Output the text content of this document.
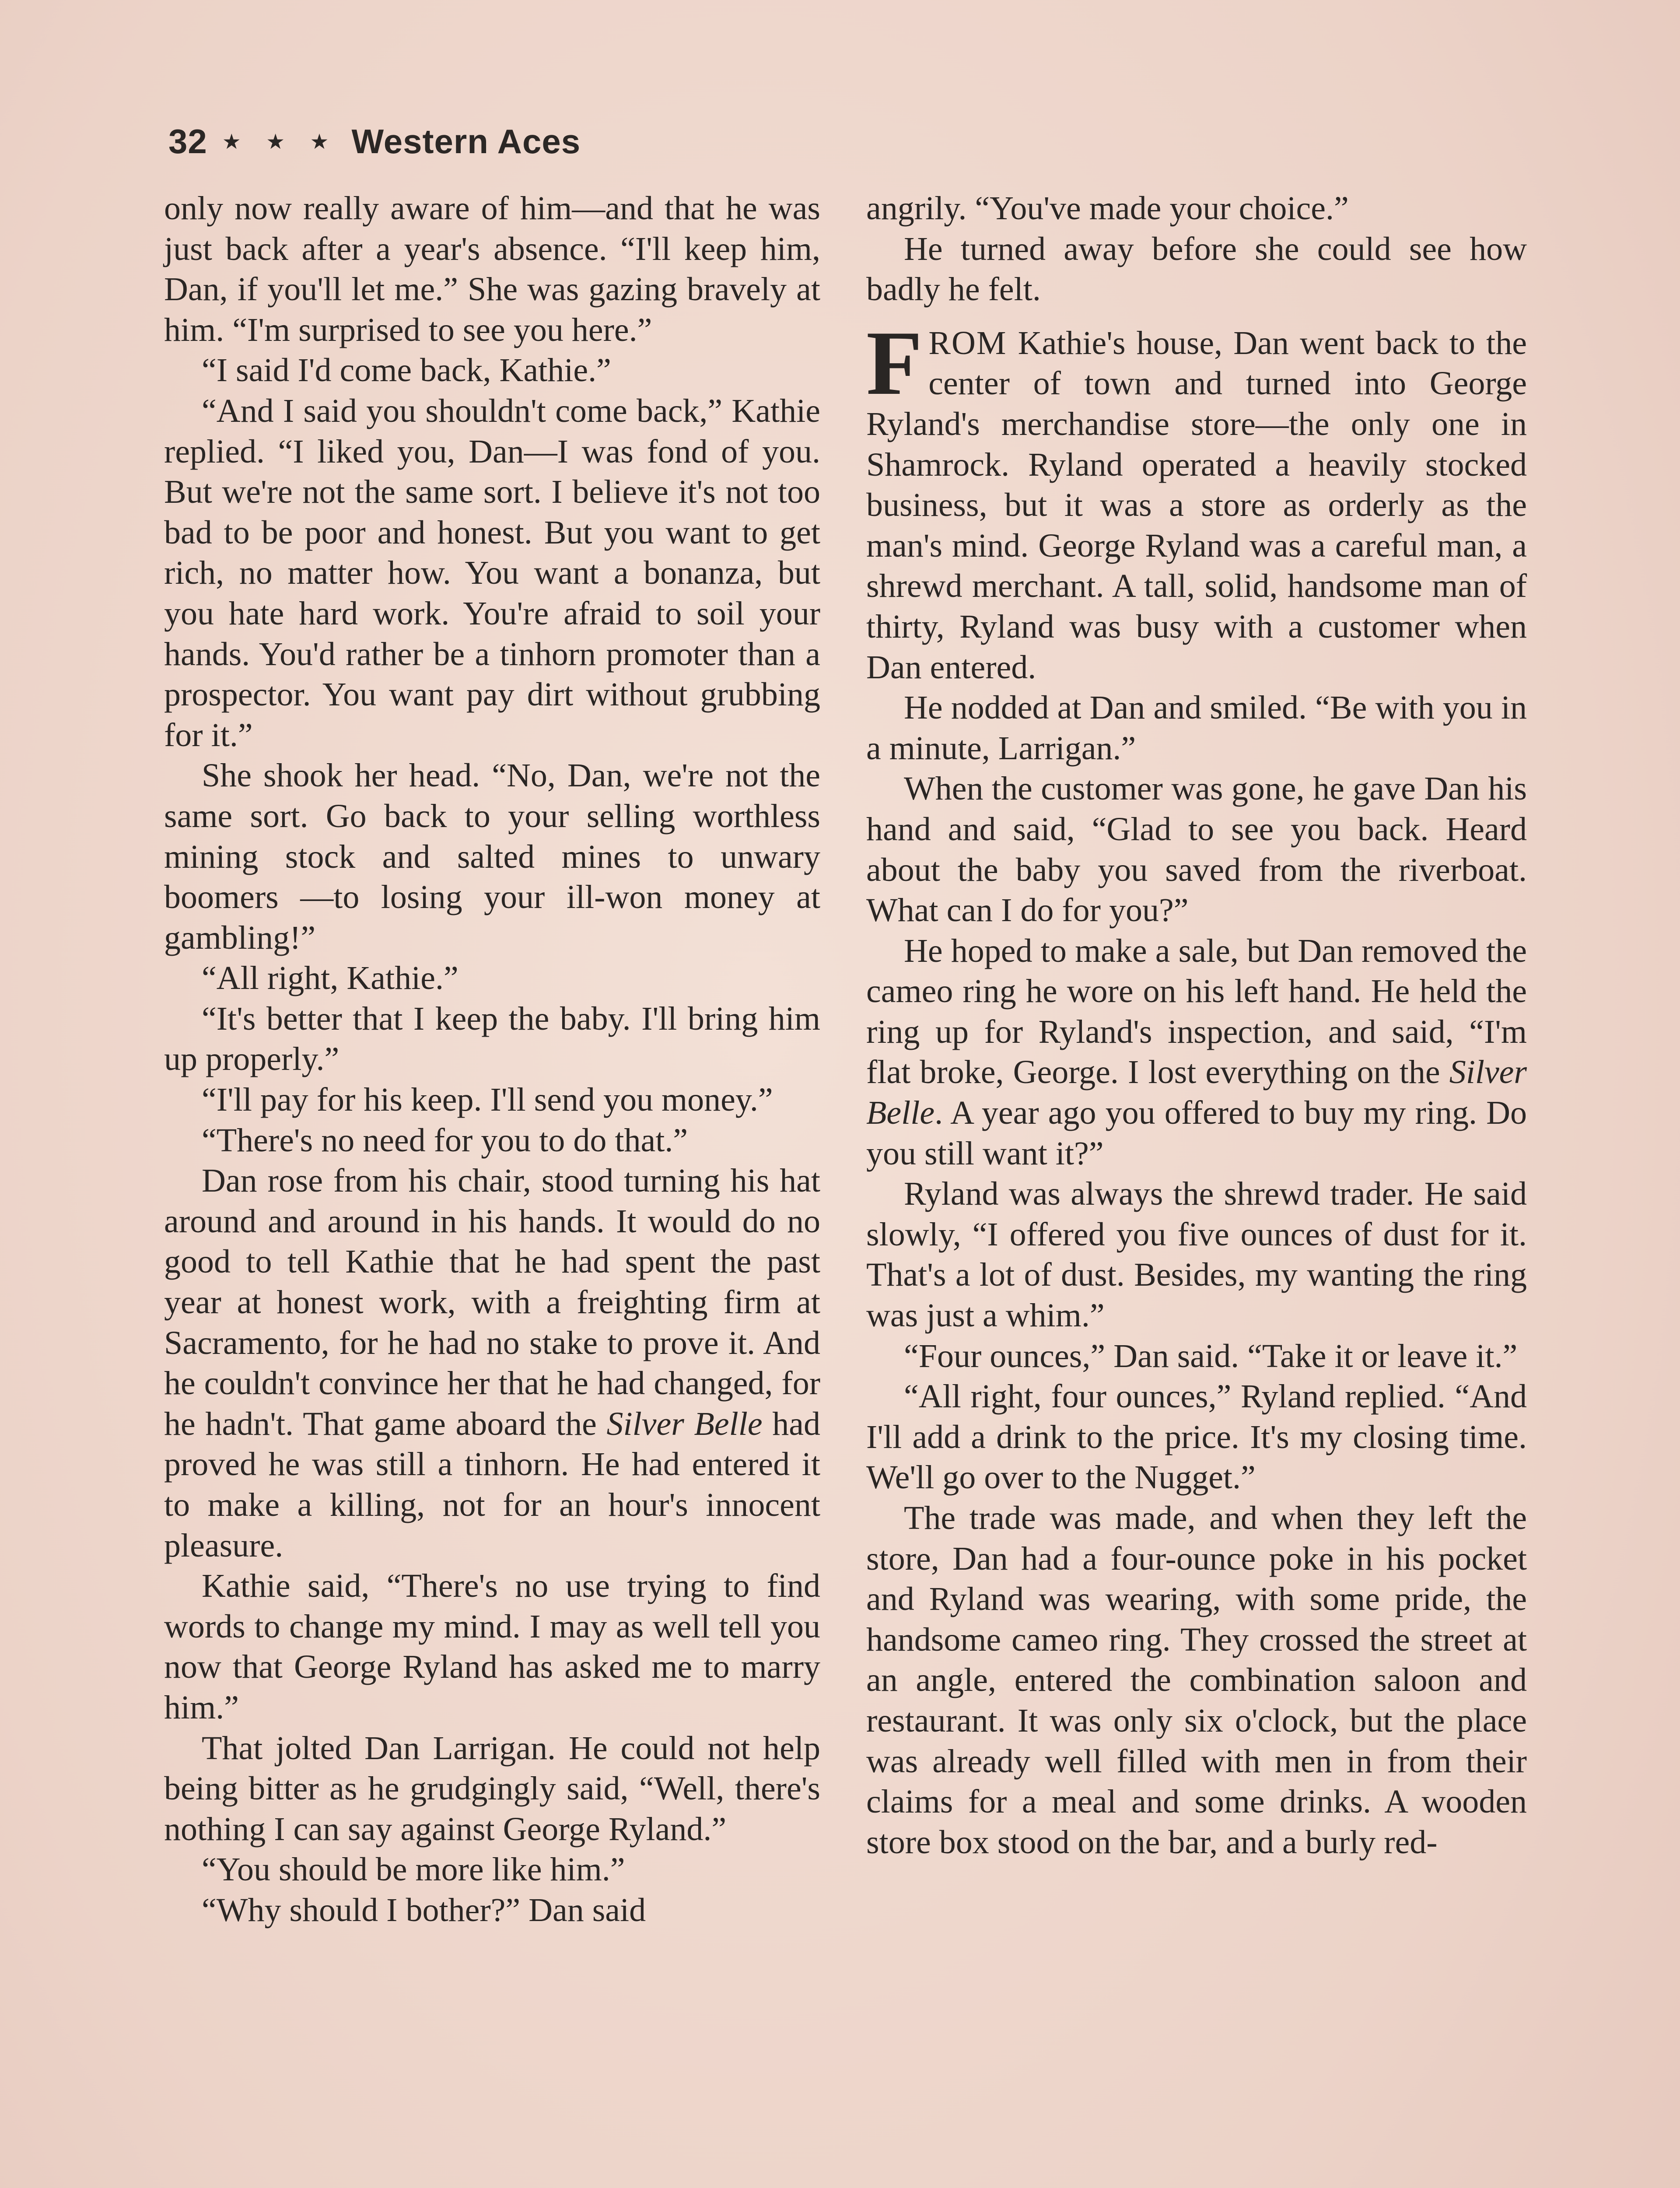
32 ★ ★ ★ Western Aces

only now really aware of him—and that he was just back after a year's absence. “I'll keep him, Dan, if you'll let me.” She was gazing bravely at him. “I'm surprised to see you here.”

“I said I'd come back, Kathie.”

“And I said you shouldn't come back,” Kathie replied. “I liked you, Dan—I was fond of you. But we're not the same sort. I believe it's not too bad to be poor and honest. But you want to get rich, no matter how. You want a bonanza, but you hate hard work. You're afraid to soil your hands. You'd rather be a tinhorn promoter than a prospector. You want pay dirt without grubbing for it.”

She shook her head. “No, Dan, we're not the same sort. Go back to your selling worthless mining stock and salted mines to unwary boomers —to losing your ill-won money at gambling!”

“All right, Kathie.”

“It's better that I keep the baby. I'll bring him up properly.”

“I'll pay for his keep. I'll send you money.”

“There's no need for you to do that.”

Dan rose from his chair, stood turning his hat around and around in his hands. It would do no good to tell Kathie that he had spent the past year at honest work, with a freighting firm at Sacramento, for he had no stake to prove it. And he couldn't convince her that he had changed, for he hadn't. That game aboard the Silver Belle had proved he was still a tinhorn. He had entered it to make a killing, not for an hour's innocent pleasure.

Kathie said, “There's no use trying to find words to change my mind. I may as well tell you now that George Ryland has asked me to marry him.”

That jolted Dan Larrigan. He could not help being bitter as he grudgingly said, “Well, there's nothing I can say against George Ryland.”

“You should be more like him.”

“Why should I bother?” Dan said

angrily. “You've made your choice.”

He turned away before she could see how badly he felt.

FROM Kathie's house, Dan went back to the center of town and turned into George Ryland's merchandise store—the only one in Shamrock. Ryland operated a heavily stocked business, but it was a store as orderly as the man's mind. George Ryland was a careful man, a shrewd merchant. A tall, solid, handsome man of thirty, Ryland was busy with a customer when Dan entered.

He nodded at Dan and smiled. “Be with you in a minute, Larrigan.”

When the customer was gone, he gave Dan his hand and said, “Glad to see you back. Heard about the baby you saved from the riverboat. What can I do for you?”

He hoped to make a sale, but Dan removed the cameo ring he wore on his left hand. He held the ring up for Ryland's inspection, and said, “I'm flat broke, George. I lost everything on the Silver Belle. A year ago you offered to buy my ring. Do you still want it?”

Ryland was always the shrewd trader. He said slowly, “I offered you five ounces of dust for it. That's a lot of dust. Besides, my wanting the ring was just a whim.”

“Four ounces,” Dan said. “Take it or leave it.”

“All right, four ounces,” Ryland replied. “And I'll add a drink to the price. It's my closing time. We'll go over to the Nugget.”

The trade was made, and when they left the store, Dan had a four-ounce poke in his pocket and Ryland was wearing, with some pride, the handsome cameo ring. They crossed the street at an angle, entered the combination saloon and restaurant. It was only six o'clock, but the place was already well filled with men in from their claims for a meal and some drinks. A wooden store box stood on the bar, and a burly red-
